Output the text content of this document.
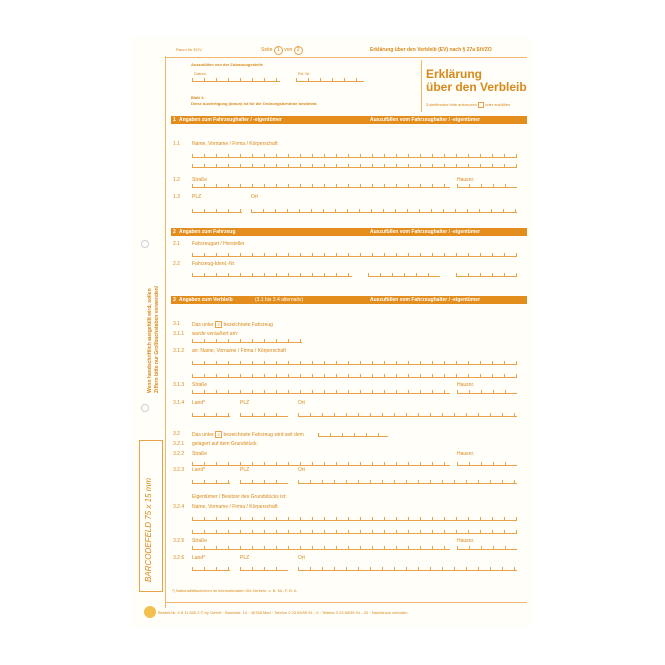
Raum für EDV	Seite 1 von 2	Erklärung über den Verbleib (EV) nach § 27a StVZO
Auszufüllen von der Zulassungsstelle
Datum	Rd. Nr.
Blatt 1:
Diese Ausfertigung (braun) ist für die Ordnungsbehörde bestimmt.
Erklärung
über den Verbleib
Zutreffendes bitte ankreuzen oder ausfüllen
1 Angaben zum Fahrzeughalter / -eigentümer	Auszufüllen vom Fahrzeughalter / -eigentümer
1.1 Name, Vorname / Firma / Körperschaft
1.2 Straße	Hausnr.
1.3 PLZ	Ort
2 Angaben zum Fahrzeug	Auszufüllen vom Fahrzeughalter / -eigentümer
2.1 Fahrzeugart / Hersteller
2.2 Fahrzeug-Ident.-Nr.
3 Angaben zum Verbleib	(3.1 bis 3.4 alternativ)	Auszufüllen vom Fahrzeughalter / -eigentümer
3.1 Das unter 2 bezeichnete Fahrzeug
3.1.1 wurde veräußert am:
3.1.2 an: Name, Vorname / Firma / Körperschaft
3.1.3 Straße	Hausnr.
3.1.4 Land*	PLZ	Ort
3.2 Das unter 2 bezeichnete Fahrzeug wird seit dem
3.2.1 gelagert auf dem Grundstück:
3.2.2 Straße	Hausnr.
3.2.3 Land*	PLZ	Ort
Eigentümer / Besitzer des Grundstücks ist:
3.2.4 Name, Vorname / Firma / Körperschaft
3.2.5 Straße	Hausnr.
3.2.6 Land*	PLZ	Ort
*) Nationalitätszeichen im internationalen Kfz-Verkehr, z. B. NL, F, B, A
Wenn handschriftlich ausgefüllt wird, sollen Ziffern bitte nur Großbuchstaben verwenden!
BARCODEFELD 75 x 15 mm
Bestell-Nr. 4 8 11 605 2 © by GmbH · Boschstr. 14 · 45768 Marl · Telefon 0 23 65/95 91 - 0 · Telefax 0 23 65/95 91 - 20 · Nachdruck verboten
